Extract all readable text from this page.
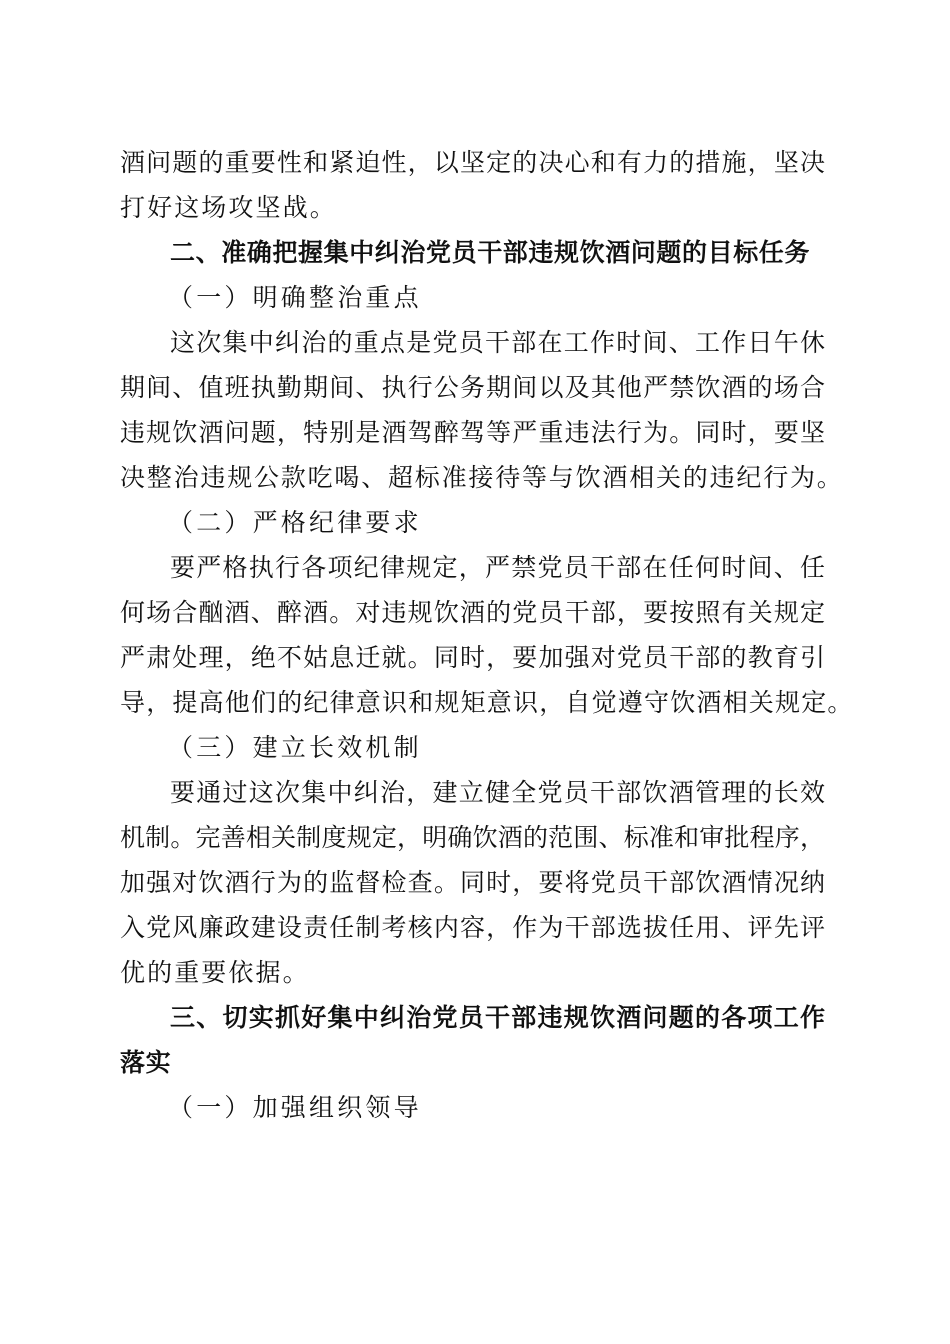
酒问题的重要性和紧迫性，以坚定的决心和有力的措施，坚决
打好这场攻坚战。
二、准确把握集中纠治党员干部违规饮酒问题的目标任务
（一）明确整治重点
这次集中纠治的重点是党员干部在工作时间、工作日午休
期间、值班执勤期间、执行公务期间以及其他严禁饮酒的场合
违规饮酒问题，特别是酒驾醉驾等严重违法行为。同时，要坚
决整治违规公款吃喝、超标准接待等与饮酒相关的违纪行为。
（二）严格纪律要求
要严格执行各项纪律规定，严禁党员干部在任何时间、任
何场合酗酒、醉酒。对违规饮酒的党员干部，要按照有关规定
严肃处理，绝不姑息迁就。同时，要加强对党员干部的教育引
导，提高他们的纪律意识和规矩意识，自觉遵守饮酒相关规定。
（三）建立长效机制
要通过这次集中纠治，建立健全党员干部饮酒管理的长效
机制。完善相关制度规定，明确饮酒的范围、标准和审批程序，
加强对饮酒行为的监督检查。同时，要将党员干部饮酒情况纳
入党风廉政建设责任制考核内容，作为干部选拔任用、评先评
优的重要依据。
三、切实抓好集中纠治党员干部违规饮酒问题的各项工作
落实
（一）加强组织领导
